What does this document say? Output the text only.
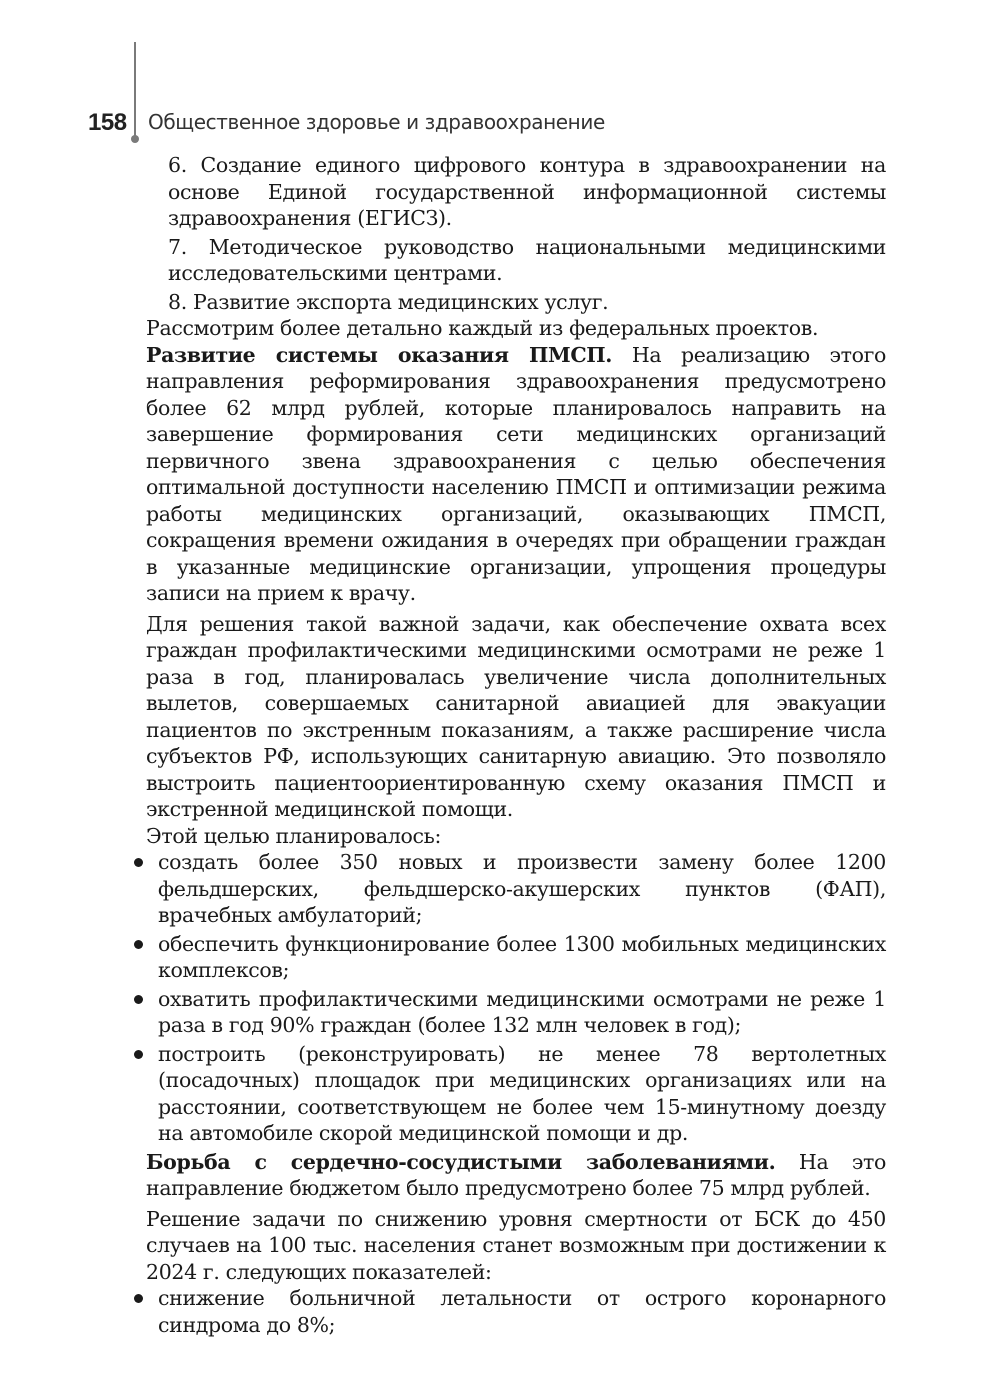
158 Общественное здоровье и здравоохранение

6. Создание единого цифрового контура в здравоохранении на основе Единой государственной информационной системы здравоохранения (ЕГИСЗ).

7. Методическое руководство национальными медицинскими исследовательскими центрами.

8. Развитие экспорта медицинских услуг.

Рассмотрим более детально каждый из федеральных проектов.

Развитие системы оказания ПМСП. На реализацию этого направления реформирования здравоохранения предусмотрено более 62 млрд рублей, которые планировалось направить на завершение формирования сети медицинских организаций первичного звена здравоохранения с целью обеспечения оптимальной доступности населению ПМСП и оптимизации режима работы медицинских организаций, оказывающих ПМСП, сокращения времени ожидания в очередях при обращении граждан в указанные медицинские организации, упрощения процедуры записи на прием к врачу.

Для решения такой важной задачи, как обеспечение охвата всех граждан профилактическими медицинскими осмотрами не реже 1 раза в год, планировалась увеличение числа дополнительных вылетов, совершаемых санитарной авиацией для эвакуации пациентов по экстренным показаниям, а также расширение числа субъектов РФ, использующих санитарную авиацию. Это позволяло выстроить пациентоориентированную схему оказания ПМСП и экстренной медицинской помощи.

Этой целью планировалось:

создать более 350 новых и произвести замену более 1200 фельдшерских, фельдшерско-акушерских пунктов (ФАП), врачебных амбулаторий;
обеспечить функционирование более 1300 мобильных медицинских комплексов;
охватить профилактическими медицинскими осмотрами не реже 1 раза в год 90% граждан (более 132 млн человек в год);
построить (реконструировать) не менее 78 вертолетных (посадочных) площадок при медицинских организациях или на расстоянии, соответствующем не более чем 15-минутному доезду на автомобиле скорой медицинской помощи и др.

Борьба с сердечно-сосудистыми заболеваниями. На это направление бюджетом было предусмотрено более 75 млрд рублей.

Решение задачи по снижению уровня смертности от БСК до 450 случаев на 100 тыс. населения станет возможным при достижении к 2024 г. следующих показателей:

снижение больничной летальности от острого коронарного синдрома до 8%;
